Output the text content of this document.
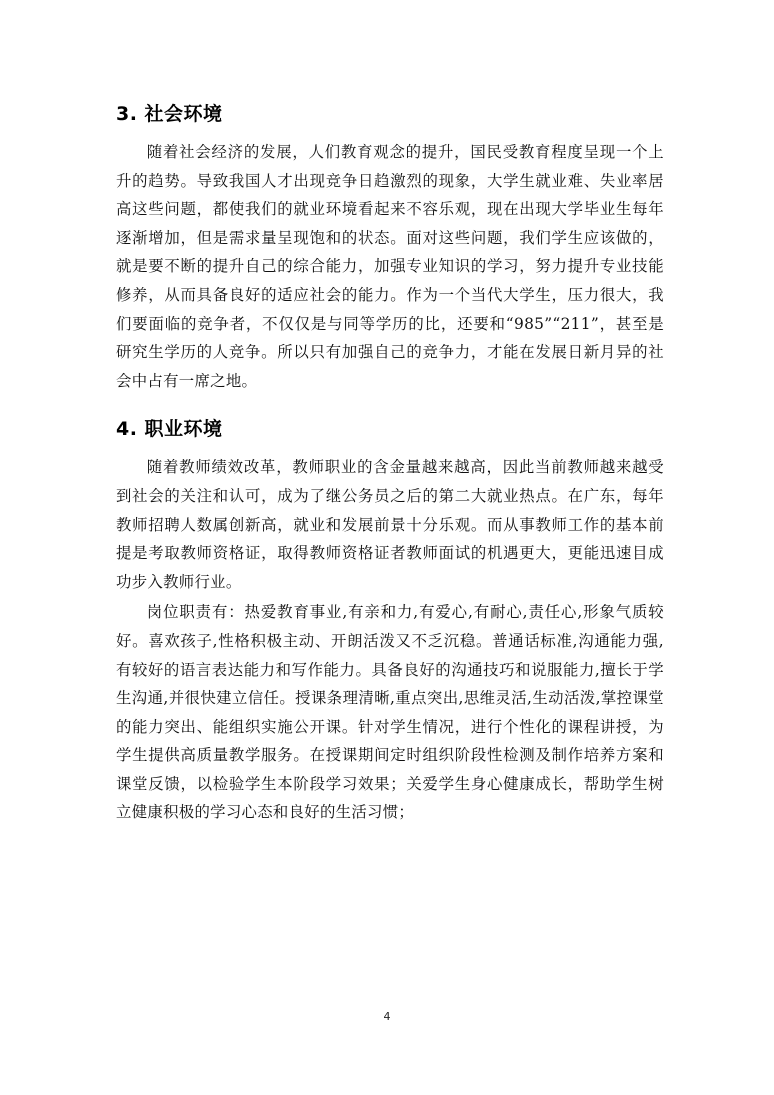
3. 社会环境

随着社会经济的发展，人们教育观念的提升，国民受教育程度呈现一个上升的趋势。导致我国人才出现竞争日趋激烈的现象，大学生就业难、失业率居高这些问题，都使我们的就业环境看起来不容乐观，现在出现大学毕业生每年逐渐增加，但是需求量呈现饱和的状态。面对这些问题，我们学生应该做的，就是要不断的提升自己的综合能力，加强专业知识的学习，努力提升专业技能修养，从而具备良好的适应社会的能力。作为一个当代大学生，压力很大，我们要面临的竞争者，不仅仅是与同等学历的比，还要和“985”“211”，甚至是研究生学历的人竞争。所以只有加强自己的竞争力，才能在发展日新月异的社会中占有一席之地。

4. 职业环境

随着教师绩效改革，教师职业的含金量越来越高，因此当前教师越来越受到社会的关注和认可，成为了继公务员之后的第二大就业热点。在广东，每年教师招聘人数属创新高，就业和发展前景十分乐观。而从事教师工作的基本前提是考取教师资格证，取得教师资格证者教师面试的机遇更大，更能迅速目成功步入教师行业。

岗位职责有：热爱教育事业,有亲和力,有爱心,有耐心,责任心,形象气质较好。喜欢孩子,性格积极主动、开朗活泼又不乏沉稳。普通话标准,沟通能力强,有较好的语言表达能力和写作能力。具备良好的沟通技巧和说服能力,擅长于学生沟通,并很快建立信任。授课条理清晰,重点突出,思维灵活,生动活泼,掌控课堂的能力突出、能组织实施公开课。针对学生情况，进行个性化的课程讲授，为学生提供高质量教学服务。在授课期间定时组织阶段性检测及制作培养方案和课堂反馈，以检验学生本阶段学习效果；关爱学生身心健康成长，帮助学生树立健康积极的学习心态和良好的生活习惯；

4
